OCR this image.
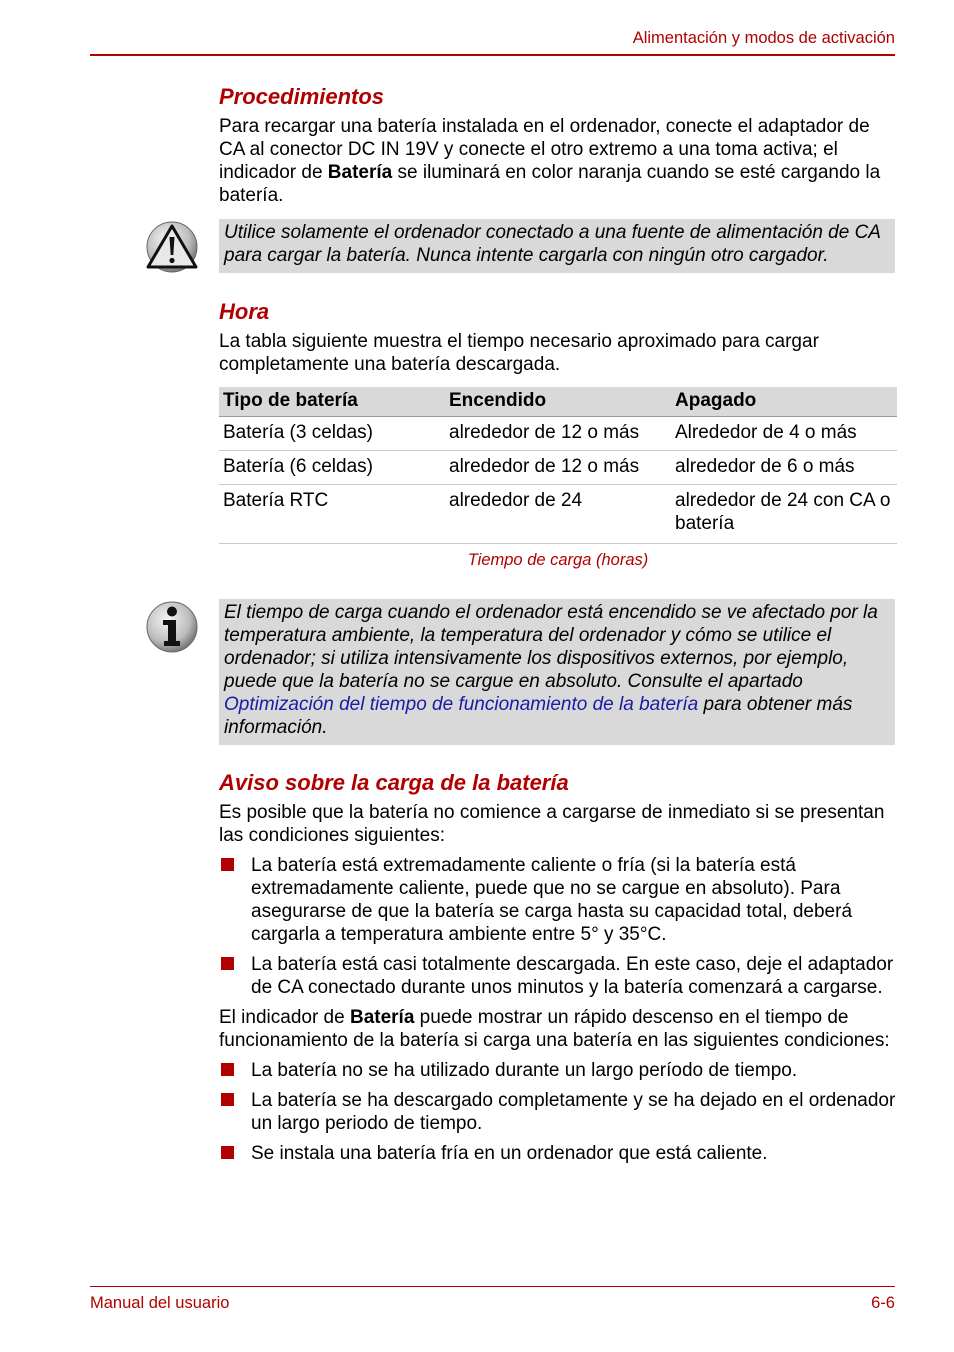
Alimentación y modos de activación
Procedimientos

Para recargar una batería instalada en el ordenador, conecte el adaptador de CA al conector DC IN 19V y conecte el otro extremo a una toma activa; el indicador de Batería se iluminará en color naranja cuando se esté cargando la batería.

Utilice solamente el ordenador conectado a una fuente de alimentación de CA para cargar la batería. Nunca intente cargarla con ningún otro cargador.
Hora

La tabla siguiente muestra el tiempo necesario aproximado para cargar completamente una batería descargada.

Tipo de batería	Encendido	Apagado
Batería (3 celdas)	alrededor de 12 o más	Alrededor de 4 o más
Batería (6 celdas)	alrededor de 12 o más	alrededor de 6 o más
Batería RTC	alrededor de 24	alrededor de 24 con CA o batería
Tiempo de carga (horas)
El tiempo de carga cuando el ordenador está encendido se ve afectado por la temperatura ambiente, la temperatura del ordenador y cómo se utilice el ordenador; si utiliza intensivamente los dispositivos externos, por ejemplo, puede que la batería no se cargue en absoluto. Consulte el apartado Optimización del tiempo de funcionamiento de la batería para obtener más información.
Aviso sobre la carga de la batería

Es posible que la batería no comience a cargarse de inmediato si se presentan las condiciones siguientes:

La batería está extremadamente caliente o fría (si la batería está extremadamente caliente, puede que no se cargue en absoluto). Para asegurarse de que la batería se carga hasta su capacidad total, deberá cargarla a temperatura ambiente entre 5° y 35°C.
La batería está casi totalmente descargada. En este caso, deje el adaptador de CA conectado durante unos minutos y la batería comenzará a cargarse.

El indicador de Batería puede mostrar un rápido descenso en el tiempo de funcionamiento de la batería si carga una batería en las siguientes condiciones:

La batería no se ha utilizado durante un largo período de tiempo.
La batería se ha descargado completamente y se ha dejado en el ordenador un largo periodo de tiempo.
Se instala una batería fría en un ordenador que está caliente.
Manual del usuario	6-6
